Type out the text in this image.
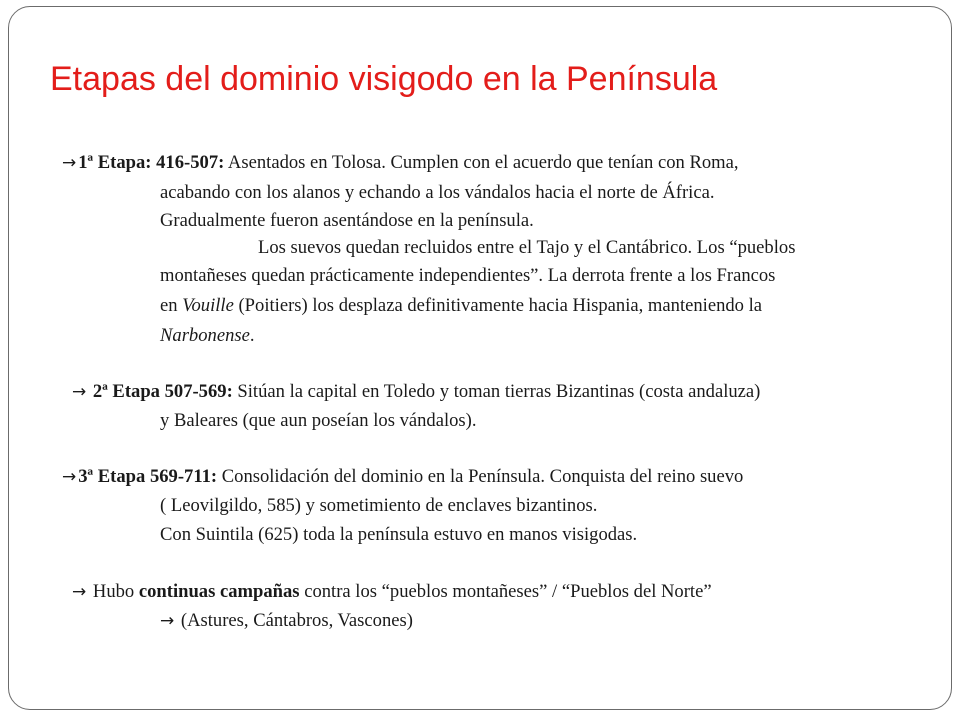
Etapas del dominio visigodo en la Península

→ 1ª Etapa: 416-507: Asentados en Tolosa. Cumplen con el acuerdo que tenían con Roma,

acabando con los alanos y echando a los vándalos hacia el norte de África.

Gradualmente fueron asentándose en la península.

Los suevos quedan recluidos entre el Tajo y el Cantábrico. Los “pueblos

montañeses quedan prácticamente independientes”. La derrota frente a los Francos

en Vouille (Poitiers) los desplaza definitivamente hacia Hispania, manteniendo la

Narbonense.

→ 2ª Etapa 507-569: Sitúan la capital en Toledo y toman tierras Bizantinas (costa andaluza)

y Baleares (que aun poseían los vándalos).

→ 3ª Etapa 569-711: Consolidación del dominio en la Península. Conquista del reino suevo

( Leovilgildo, 585) y sometimiento de enclaves bizantinos.

Con Suintila (625) toda la península estuvo en manos visigodas.

→ Hubo continuas campañas contra los “pueblos montañeses” / “Pueblos del Norte”

→ (Astures, Cántabros, Vascones)
